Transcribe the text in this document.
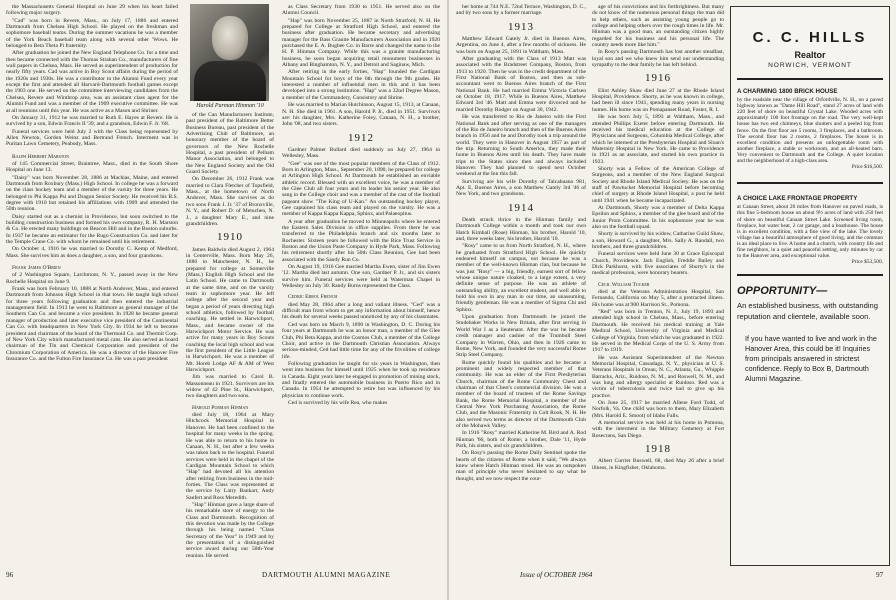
the Massachusetts General Hospital on June 29 when his heart failed following major surgery.

"Cad" was born in Revere, Mass., on July 17, 1886 and entered Dartmouth from Chelsea High School. He played on the freshman and sophomore baseball teams. During the summer vacations he was a member of the York Beach baseball team along with several other 'Wows. He belonged to Beta Theta Pi fraternity.

After graduation he joined the New England Telephone Co. for a time and then became connected with the Thomas Strahan Co., manufacturers of fine wall papers in Chelsea, Mass. He served as superintendent of production for nearly fifty years. Cad was active in Boy Scout affairs during the period of the 1920s and 1930s. He was a contributor to the Alumni Fund every year except the first and attended all Harvard-Dartmouth football games except the 1903 one. He served on the committee interviewing candidates from the Chelsea, Revere and Winthrop area, was an assistant class agent for the Alumni Fund and was a member of the 1909 executive committee. He was at all reunions until this year. He was active as a Mason and Shriner.

On January 31, 1912 he was married to Ruth E. Hayes at Revere. He is survived by a son, Edwin Francis II '39, and a grandson, Edwin F. Jr. '68.

Funeral services were held July 2 with the Class being represented by Allen Newton, Gordon Weinz and Bertrand French. Interment was in Puritan Lawn Cemetery, Peabody, Mass.

Ralph Herbert Marston

of 145 Commercial Street, Braintree, Mass., died in the South Shore Hospital on June 13.

"Daisy" was born November 28, 1886 at Machias, Maine, and entered Dartmouth from Roxbury (Mass.) High School. In college he was a forward on the class hockey team and a member of the varsity for three years. He belonged to Phi Kappa Psi and Dragon Senior Society. He received his B.S. degree with 1910 but retained his affiliations with 1909 and attended the 50th reunion.

Daisy started out as a chemist in Providence, but soon switched to the building construction business and formed his own company, R. H. Marston & Co. He erected many buildings on Beacon Hill and in the Boston suburbs. In 1937 he became an estimator for the Rugo Construction Co. and later for the Temple Crane Co. with whom he remained until his retirement.

On October 4, 1916 he was married to Dorothy C. Kemp of Medford, Mass. She survives him as does a daughter, a son, and four grandsons.

Frank James O'Brien

of 2 Washington Square, Larchmont, N. Y., passed away in the New Rochelle Hospital on June 9.

Frank was born February 10, 1888 at North Andover, Mass., and entered Dartmouth from Johnson High School in that town. He taught high school for three years following graduation and then entered the industrial management field. In 1913 he went to Baltimore as general manager of the Southern Can Co. and became a vice president. In 1928 he became general manager of production and later executive vice president of the Continental Can Co. with headquarters in New York City. In 1934 he left to become president and chairman of the board of the Thermoid Co. and Thermit Corp. of New York City which manufactured metal cans. He also served as board chairman of the Tin and Chemical Corporation and president of the Chromium Corporation of America. He was a director of the Hanover Fire Insurance Co. and the Fulton Fire Insurance Co. He was a past president

Harold Purman Hinman '10

of the Can Manufacturers Institute, past president of the Baltimore Better Business Bureau, past president of the Advertising Club of Baltimore, an honorary member of the board of governors of the New Rochelle Hospital, a past president of Pelham Manor Association, and belonged to the New England Society and the Old Guard Society.

On December 26, 1912 Frank was married to Clara Fletcher of Topsfield, Mass., at the hometown of North Andover, Mass. She survives as do two sons Frank J. Jr. '37 of Bronxville, N. Y., and Robert D. of Metuchen, N. J., a daughter Mary E., and nine grandchildren.

1910

James Baldwin died August 2, 1964 in Centerville, Mass. Born May 26, 1886 in Manchester, N. H., he prepared for college at Somerville (Mass.) English High School and the Latin School. He came to Dartmouth at the same time, and on the varsity team in sophomore year. He left college after the second year and began a period of years directing high school athletics, followed by football coaching. He settled in Harwichport, Mass., and became owner of the Harwichport Motor Service. He was active for many years in Boy Scouts coaching the local high school and was the first president of the Little League in Harwichport. He was a member of Mt. Horeb Lodge AF & AM of West Harwichport.

Jim was married to Carol B. Massonneau in 1921. Survivors are his widow of 42 Pine St., Harwichport, two daughters and two sons.

Harold Purman Hinman

died July 18, 1964 at Mary Hitchcock Memorial Hospital in Hanover. He had been confined to the hospital for many weeks in the spring. He was able to return to his home in Canaan, N. H., but after a few weeks was taken back to the hospital. Funeral services were held in the chapel of the Cardigan Mountain School to which "Hap" had devoted all his attention after retiring from business in the mid-forties. The Class was represented at the service by Larry Bankart, Andy Saufert and Ross Meredith.

"Hap" Hinman gave a large share of his remarkable store of energy to the Class and Dartmouth. Recognition of this devotion was made by the College through his being named "Class Secretary of the Year" in 1949 and by the presentation of a distinguished service award during our 50th-Year reunion. He served

as Class Secretary from 1930 to 1951. He served also on the Alumni Council.

"Hap" was born November 25, 1887 in North Stratford, N. H. He prepared for College at Stratford High School, and entered the business after graduation. He became secretary and advertising manager for the Bass Granite Manufacturers Association and in 1920 purchased the E. A. Bugbee Co. in Barre and changed the name to the H. P. Hinman Company. While this was a granite manufacturing business, he soon began acquiring retail monument businesses in Albany and Binghamton, N. Y., and Detroit and Saginaw, Mich.

After retiring in the early forties, "Hap" founded the Cardigan Mountain School for boys of the 6th through the 9th grades. He interested a number of influential men in this and it has been developed into a strong institution. "Hap" was a 32nd Degree Mason, a member of the Commandery, Consistory and Shrine.

He was married to Marian Hutchinson, August 15, 1913, at Canaan, N. H. She died in 1961. A son, Harold P. Jr., died in 1951. Survivors are: his daughter, Mrs. Katherine Foley, Canaan, N. H., a brother, John '08, and two sisters.

1912

Gardner Palmer Bullard died suddenly on July 27, 1964 in Wellesley, Mass.

"Gee" was one of the most popular members of the Class of 1912. Born in Arlington, Mass., September 20, 1890, he prepared for college at Arlington High School. At Dartmouth he established an enviable athletic record. Blessed with an excellent voice, he was a member of the Glee Club all four years and its leader his senior year. He also sang in the College choir and was a member of the cast of the football pageant show "The King of U-Kan." An outstanding hockey player, Gee captained his class team and played on the varsity. He was a member of Kappa Kappa Kappa, Sphinx, and Palaeopitus.

A year after graduation he moved to Minneapolis where he entered the Eastern Sales Division in office supplies. From there he was transferred to the Philadelphia branch and six months later to Rochester. Sixteen years he followed with the Rice Trust Service in Boston and the Union Paste Company in Hyde Park, Mass. Following his retirement shortly after his 50th Class Reunion, Gee had been associated with the Sandy Run Co.

On August 19, 1916 Gee married Martha Ewen, sister of Jim Ewen '12. Martha died last autumn. One son, Gardner P. Jr., and six sisters survive him. Funeral services were held at Waterman Chapel in Wellesley on July 30. Randy Burns represented the Class.

Cedric Errol French

died May 28, 1964 after a long and valiant illness. "Ced" was a difficult man from whom to get any information about himself, hence his death for several weeks passed unnoticed by any of his classmates.

Ced was born on March 9, 1890 in Washington, D. C. During his four years at Dartmouth he was an honor man, a member of the Glee Club, Phi Beta Kappa, and the Cosmos Club, a member of the College Choir, and active in the Dartmouth Christian Association. Always serious-minded, Ced had little time for any of the frivolities of college life.

Following graduation he taught for six years in Washington, then went into business for himself until 1925 when he took up residence in Canada. Eight years later he engaged in promotion of mining stock, and finally entered the automobile business in Puerto Rico and in Canada. In 1954 he attempted to retire but was influenced by his physician to continue work.

Ced is survived by his wife Rea, who makes

96	DARTMOUTH ALUMNI MAGAZINE

her home at 744 N.E. 72nd Terrace, Washington, D. C., and by two sons by a former marriage.

1913

Matthew Edward Gately Jr. died in Buenos Aires, Argentina, on June 4, after a few months of sickness. He was born on August 25, 1891 in Waltham, Mass.

After graduating with the Class of 1913 Matt was associated with the Bradstreet Company, Boston, from 1913 to 1920. Then he was in the credit department of the First National Bank of Boston, and then as sub-accountant went to Buenos Aires branch of the First National Bank. He had married Emma Victoria Carlsen on October 18, 1917. While in Buenos Aires, Matthew Edward 3rd '46. Matt and Emma were divorced and he married Dorothy Rodger on August 30, 1942.

He was transferred to Rio de Janeiro with the First National Bank and after serving as one of the managers of the Rio de Janeiro branch and then of the Buenos Aires branch in 1956 and he and Dorothy took a trip around the world. They were in Hanover in August 1957 as part of the trip. Returning to South America, they made their home in Buenos Aires until his death. They have made trips to the States since then and always included Hanover. They had planned to spend next October weekend at the Inn this fall.

Surviving are his wife Dorothy of Talcahuano 981, Apt. E, Buenos Aires, a son Matthew Gately 3rd '46 of New York, and two grandsons.

1914

Death struck thrice in the Hinman family and Dartmouth College within a month and took our own Hatch Kimball (Rose) Hinman, his brother, Harold '10, and, three weeks later, his brother, Harold '10.

"Rosy" came to us from North Stratford, N. H., where he graduated from Stratford High School. He quickly endeared himself on campus, not because he was a member of the well-known Hinman clan, but because he was just "Rosy" — a big, friendly, earnest sort of fellow whose unique nature cloaked, to a large extent, a very definite sense of purpose. He was an athlete of outstanding ability, an excellent student, and well able to hold his own in any man in our time, an unassuming, friendly gentleman. He was a member of Sigma Chi and Sphinx.

Upon graduation from Dartmouth he joined the Studebaker Works in New Britain, after first serving in World War I as a lieutenant. After the war he became credit manager and cashier of the Trumbull Steel Company in Warren, Ohio, and then in 1926 came to Rome, New York, and founded the very successful Rome Strip Steel Company.

Rome quickly found his qualities and he became a prominent and widely respected member of that community. He was an elder of the First Presbyterian Church, chairman of the Rome Community Chest and chairman of that Chest's commercial division. He was a member of the board of trustees of the Rome Savings Bank, the Rome Memorial Hospital, a member of the Central New York Purchasing Association, the Rome Club, and the Masonic Fraternity in Colt Rook, N. H. He also served two terms as director of the Dartmouth Club of the Mohawk Valley.

In 1916 "Rosy" married Katherine M. Bird and A. Rod Hinman '66, both of Rome; a brother, Dale '11, Hyde Park, his sisters, and six grandchildren.

On Rosy's passing the Rome Daily Sentinel spoke the hearts of the citizens of Rome when it said, "We always knew where Hatch Hinman stood. He was an outspoken man of principle who never hesitated to say what he thought, and we now respect the cour-

age of his convictions and his forthrightness. But many do not know of the numerous personal things the man did to help others, such as assisting young people go to college and helping others over the rough times in life. Mr. Hinman was a good man, an outstanding citizen highly regarded for his business and his personal life. The country needs more like him."

In Rosy's passing Dartmouth has lost another steadfast, loyal son and we who knew him send our understanding sympathy to the dear family he has left behind.

1916

Eliot Ashley Shaw died June 27 at the Rhode Island Hospital, Providence. Shorty, as he was known in college, had been ill since 1941, spending many years in nursing homes. His home was on Pomapanset Road, Foster, R. I.

He was born July 5, 1893 at Waltham, Mass., and attended Phillips Exeter before entering Dartmouth. He received his medical education at the College of Physicians and Surgeons, Columbia Medical College, after which he interned at the Presbyterian Hospital and Sloan's Maternity Hospital in New York. He came to Providence in 1921 as an associate, and started his own practice in 1923.

Shorty was a Fellow of the American College of Surgeons, and a member of the New England Surgical Society and Rhode Island Medical Society. He was on the staff of Pawtucket Memorial Hospital before becoming chief of surgery at Rhode Island Hospital, a post he held until 1941 when he became incapacitated.

At Dartmouth, Shorty was a member of Delta Kappa Epsilon and Sphinx, a member of the glee board and of the Junior Prom Committee. In his sophomore year he was also on the football squad.

Shorty is survived by his widow, Catharine Guild Shaw, a son, Howard G., a daughter, Mrs. Sally A. Randall, two brothers, and three grandchildren.

Funeral services were held June 30 at Grace Episcopal Church, Providence. Jack English, Freddie Bailey and Dick Parkhurst, with five associates of Shorty's in the medical profession, were honorary bearers.

Cecil William Tucker

died at the Veterans Administration Hospital, San Fernando, California on May 5, after a protracted illness. His home was at 900 Harrison St., Pomona.

"Red" was born in Trenton, N. J., July 19, 1893 and attended high school in Chelsea, Mass., before entering Dartmouth. He received his medical training at Yale Medical School, University of Virginia and Medical College of Virginia, from which he was graduated in 1922. He served in the Medical Corps of the U. S. Army from 1917 to 1919.

He was Assistant Superintendent of the Newton Memorial Hospital, Cassadaga, N. Y., physician at U. S. Veterans Hospitals in Orean, N. C., Atlanta, Ga., Whipple Barracks, Ariz., Ruidoso, N. M., and Roswell, N. M., and was lung and allergy specialist at Ruidoso. Red was a victim of tuberculosis and twice had to give up his practice.

On June 25, 1917 he married Allene Ford Todd, of Norfolk, Va. One child was born to them, Mary Elizabeth (Mrs. Harold E. Smoot) of Idaho Falls.

A memorial service was held at his home in Pomona, with the interment in the Military Cemetery at Fort Rosecrans, San Diego.

1918

Albert Currier Buswell, 68, died May 26 after a brief illness, in Kingfisher, Oklahoma.

Issue of OCTOBER 1964	97
C. C. HILLS
Realtor
NORWICH, VERMONT
A CHARMING 1800 BRICK HOUSE
by the roadside near the village of Orfordville, N. H., on a paved highway known as "Dame Hill Road", stand 27 acres of land with 220 feet of shore on beautiful Crystal Lake. Wooded acres with approximately 100 foot frontage on the road. The very well-kept house has two end chimneys, blue shutters and a peeled log front fence. On the first floor are 5 rooms, 3 fireplaces, and a bathroom. The second floor has 2 rooms, 2 fireplaces. The house is in excellent condition and presents an unforgettable room with another fireplace, a stable or workroom, and an all-heated barn. Very convenient to Dartmouth and the College. A quiet location and the neighborhood of a high-class area.
Price $16,500.
A CHOICE LAKE FRONTAGE PROPERTY
at Canaan Street, about 20 miles from Hanover on paved roads, is this fine 5-bedroom house on about 9½ acres of land with 250 feet of shore on beautiful Canaan Street Lake. Screened living room, fireplace, hot water heat, 2 car garage, and a boathouse. The house is in excellent condition, with a fine view of the lake. The lovely village has a beautiful atmosphere of good living, and the common is an ideal place to live. A home and a church, with country life and fine neighbors, in a quiet and peaceful setting, only minutes by car to the Hanover area, and exceptional value.
Price $53,500.
OPPORTUNITY—
An established business, with outstanding reputation and clientele, available soon.
If you have wanted to live and work in the Hanover Area, this could be it! Inquiries from principals answered in strictest confidence. Reply to Box B, Dartmouth Alumni Magazine.
